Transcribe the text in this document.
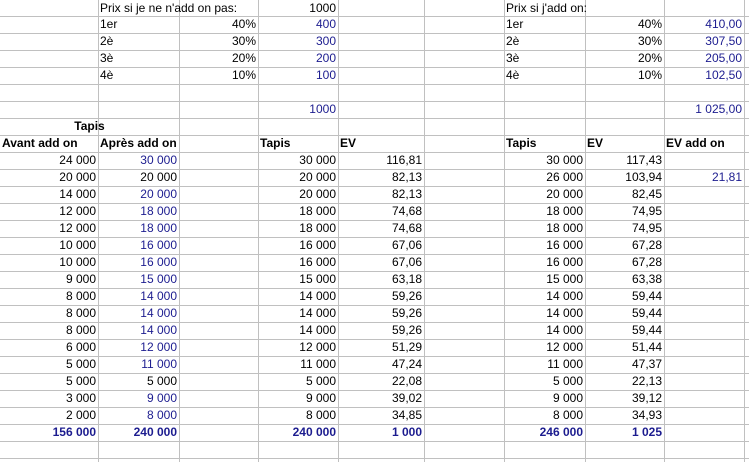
Prix si je ne n'add on pas:	1000
1er	40%	400
2è	30%	300
3è	20%	200
4è	10%	100
1000
Prix si j'add on:
1er	40%	410,00
2è	30%	307,50
3è	20%	205,00
4è	10%	102,50
1 025,00
Tapis
Avant add on	Après add on	Tapis	EV	Tapis	EV	EV add on
24 000	30 000	30 000	116,81	30 000	117,43
20 000	20 000	20 000	82,13	26 000	103,94	21,81
14 000	20 000	20 000	82,13	20 000	82,45
12 000	18 000	18 000	74,68	18 000	74,95
12 000	18 000	18 000	74,68	18 000	74,95
10 000	16 000	16 000	67,06	16 000	67,28
10 000	16 000	16 000	67,06	16 000	67,28
9 000	15 000	15 000	63,18	15 000	63,38
8 000	14 000	14 000	59,26	14 000	59,44
8 000	14 000	14 000	59,26	14 000	59,44
8 000	14 000	14 000	59,26	14 000	59,44
6 000	12 000	12 000	51,29	12 000	51,44
5 000	11 000	11 000	47,24	11 000	47,37
5 000	5 000	5 000	22,08	5 000	22,13
3 000	9 000	9 000	39,02	9 000	39,12
2 000	8 000	8 000	34,85	8 000	34,93
156 000	240 000	240 000	1 000	246 000	1 025
